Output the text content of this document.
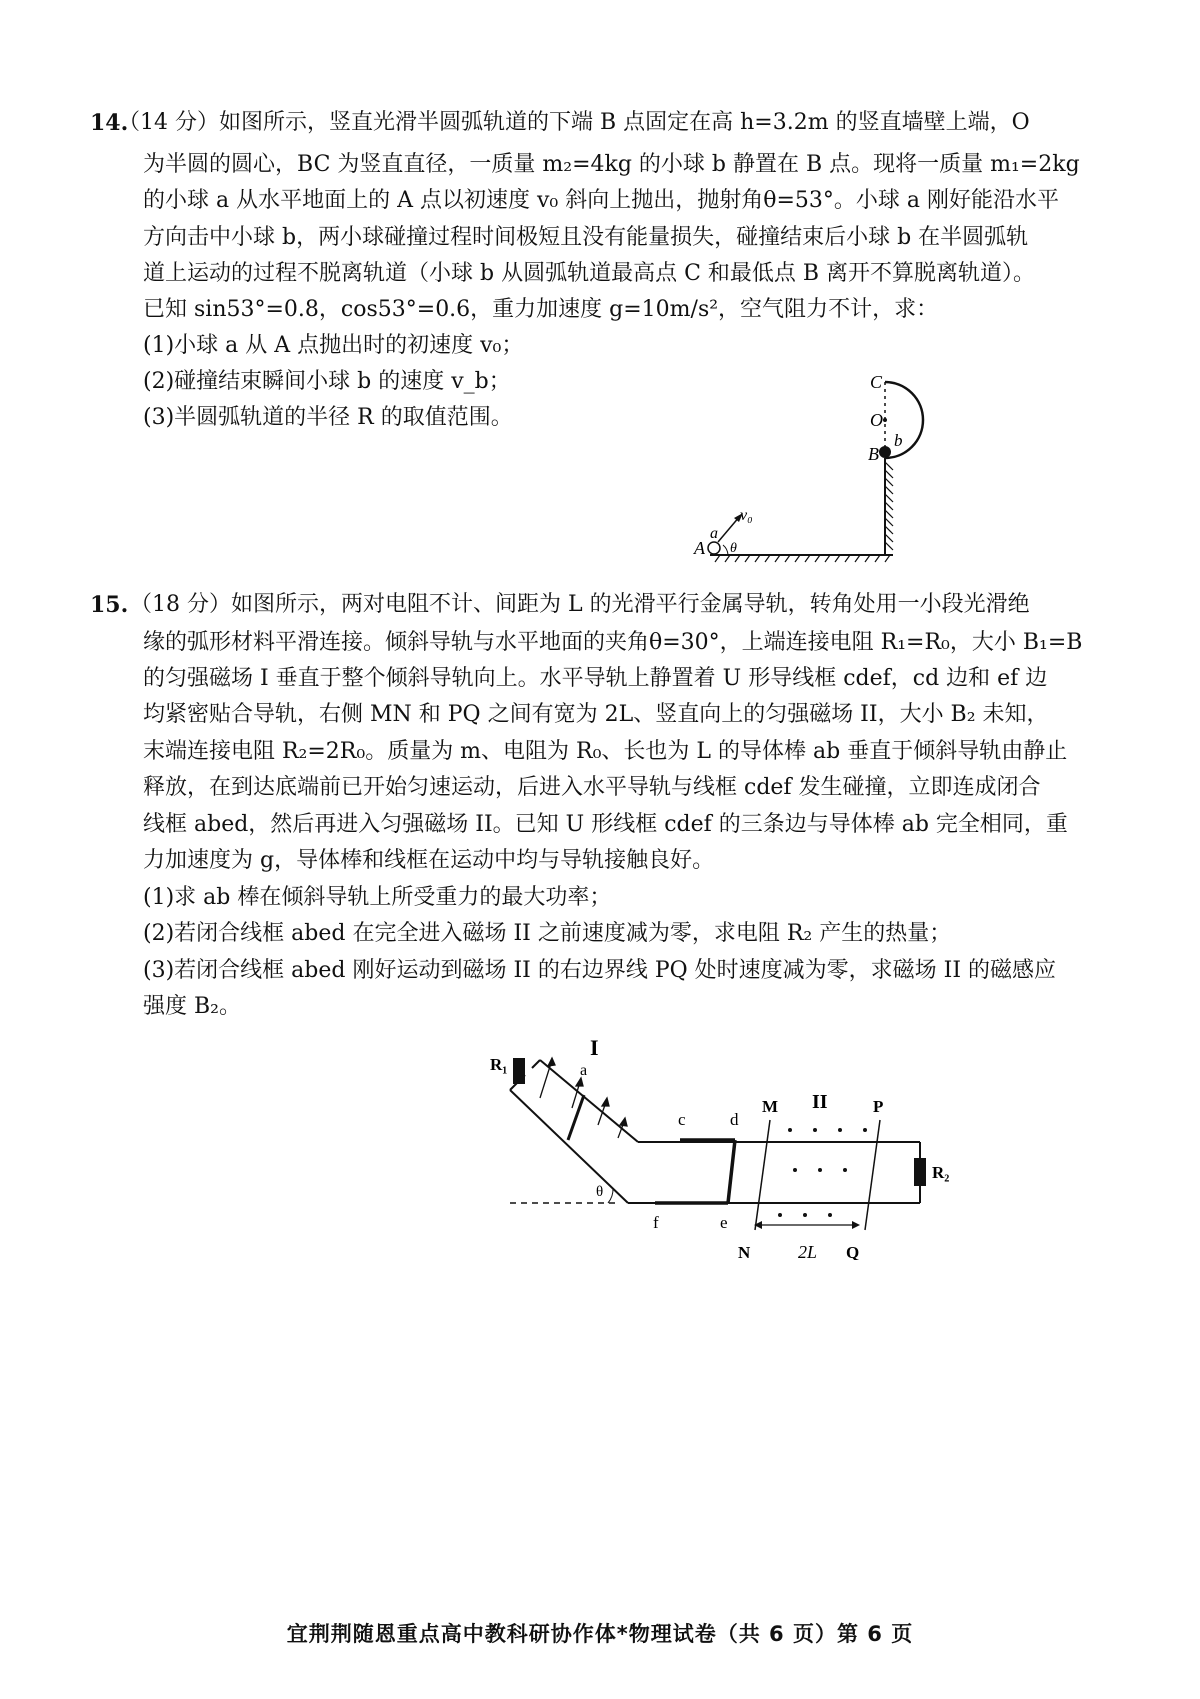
14.
（14 分）如图所示，竖直光滑半圆弧轨道的下端 B 点固定在高 h=3.2m 的竖直墙壁上端，O
为半圆的圆心，BC 为竖直直径，一质量 m₂=4kg 的小球 b 静置在 B 点。现将一质量 m₁=2kg
的小球 a 从水平地面上的 A 点以初速度 v₀ 斜向上抛出，抛射角θ=53°。小球 a 刚好能沿水平
方向击中小球 b，两小球碰撞过程时间极短且没有能量损失，碰撞结束后小球 b 在半圆弧轨
道上运动的过程不脱离轨道（小球 b 从圆弧轨道最高点 C 和最低点 B 离开不算脱离轨道）。
已知 sin53°=0.8，cos53°=0.6，重力加速度 g=10m/s²，空气阻力不计，求：
(1)小球 a 从 A 点抛出时的初速度 v₀；
(2)碰撞结束瞬间小球 b 的速度 v_b；
(3)半圆弧轨道的半径 R 的取值范围。
C
O
B
b
A
a
v₀
θ
15. （18 分）如图所示，两对电阻不计、间距为 L 的光滑平行金属导轨，转角处用一小段光滑绝
缘的弧形材料平滑连接。倾斜导轨与水平地面的夹角θ=30°，上端连接电阻 R₁=R₀，大小 B₁=B
的匀强磁场 I 垂直于整个倾斜导轨向上。水平导轨上静置着 U 形导线框 cdef，cd 边和 ef 边
均紧密贴合导轨，右侧 MN 和 PQ 之间有宽为 2L、竖直向上的匀强磁场 II，大小 B₂ 未知，
末端连接电阻 R₂=2R₀。质量为 m、电阻为 R₀、长也为 L 的导体棒 ab 垂直于倾斜导轨由静止
释放，在到达底端前已开始匀速运动，后进入水平导轨与线框 cdef 发生碰撞，立即连成闭合
线框 abed，然后再进入匀强磁场 II。已知 U 形线框 cdef 的三条边与导体棒 ab 完全相同，重
力加速度为 g，导体棒和线框在运动中均与导轨接触良好。
(1)求 ab 棒在倾斜导轨上所受重力的最大功率；
(2)若闭合线框 abed 在完全进入磁场 II 之前速度减为零，求电阻 R₂ 产生的热量；
(3)若闭合线框 abed 刚好运动到磁场 II 的右边界线 PQ 处时速度减为零，求磁场 II 的磁感应
强度 B₂。
R₁
I
a
θ
c	d
f	e
M II	P
R₂
N	2L Q
宜荆荆随恩重点高中教科研协作体*物理试卷（共 6 页）第 6 页
